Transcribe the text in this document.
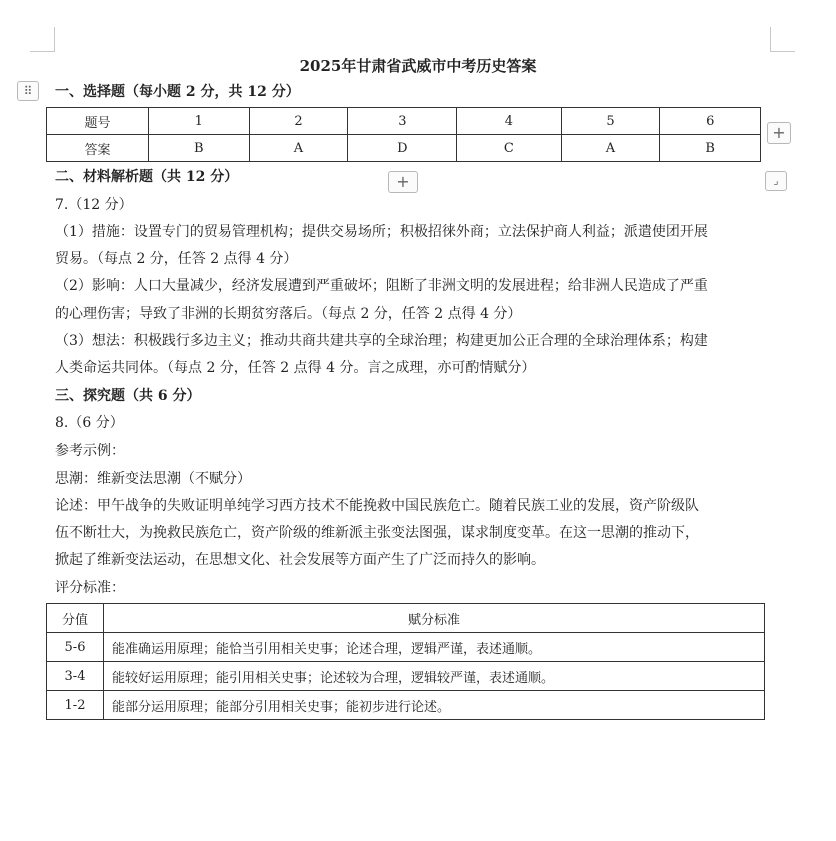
2025年甘肃省武威市中考历史答案
⠿	一、选择题（每小题 2 分，共 12 分）
题号	1	2	3	4	5	6
答案	B	A	D	C	A	B
+
+	⌟
二、材料解析题（共 12 分）
7.（12 分）
（1）措施：设置专门的贸易管理机构；提供交易场所；积极招徕外商；立法保护商人利益；派遣使团开展
贸易。（每点 2 分，任答 2 点得 4 分）
（2）影响：人口大量减少，经济发展遭到严重破坏；阻断了非洲文明的发展进程；给非洲人民造成了严重
的心理伤害；导致了非洲的长期贫穷落后。（每点 2 分，任答 2 点得 4 分）
（3）想法：积极践行多边主义；推动共商共建共享的全球治理；构建更加公正合理的全球治理体系；构建
人类命运共同体。（每点 2 分，任答 2 点得 4 分。言之成理，亦可酌情赋分）
三、探究题（共 6 分）
8.（6 分）
参考示例：
思潮：维新变法思潮（不赋分）
论述：甲午战争的失败证明单纯学习西方技术不能挽救中国民族危亡。随着民族工业的发展，资产阶级队
伍不断壮大，为挽救民族危亡，资产阶级的维新派主张变法图强，谋求制度变革。在这一思潮的推动下，
掀起了维新变法运动，在思想文化、社会发展等方面产生了广泛而持久的影响。
评分标准：
分值	赋分标准
5-6	能准确运用原理；能恰当引用相关史事；论述合理，逻辑严谨，表述通顺。
3-4	能较好运用原理；能引用相关史事；论述较为合理，逻辑较严谨，表述通顺。
1-2	能部分运用原理；能部分引用相关史事；能初步进行论述。
